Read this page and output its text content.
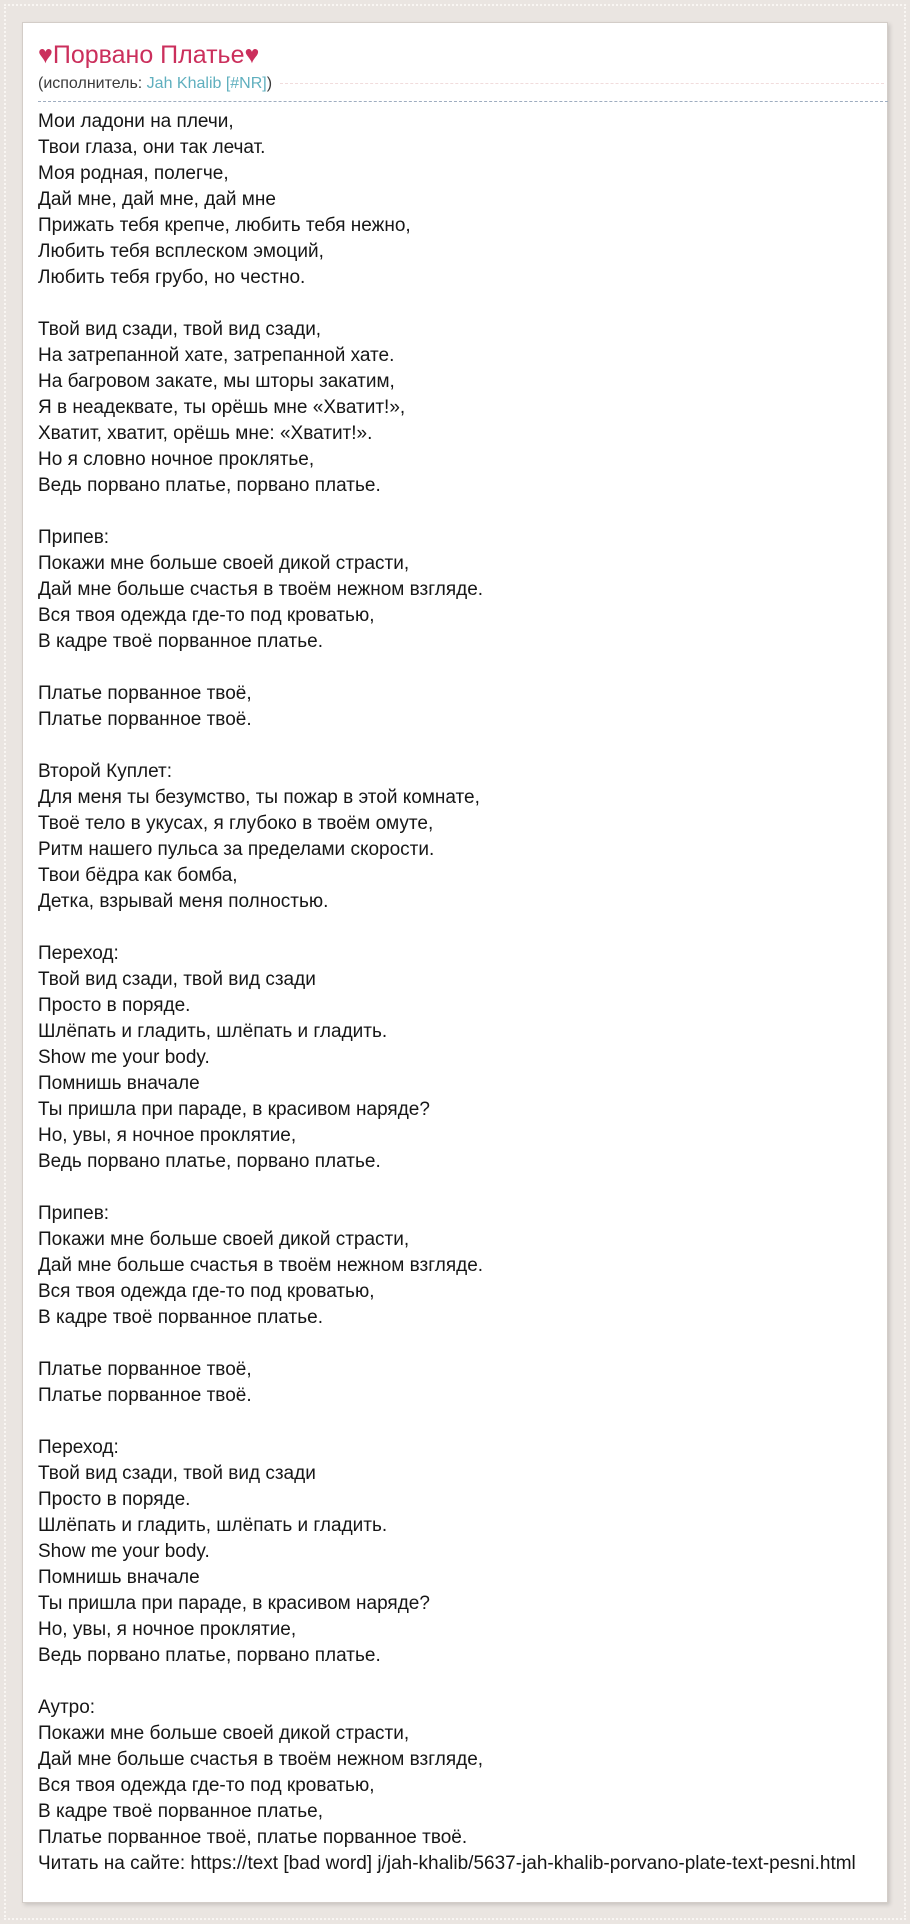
♥Порвано Платье♥
(исполнитель: Jah Khalib [#NR])

Мои ладони на плечи,
Твои глаза, они так лечат.
Моя родная, полегче,
Дай мне, дай мне, дай мне
Прижать тебя крепче, любить тебя нежно,
Любить тебя всплеском эмоций,
Любить тебя грубо, но честно.

Твой вид сзади, твой вид сзади,
На затрепанной хате, затрепанной хате.
На багровом закате, мы шторы закатим,
Я в неадеквате, ты орёшь мне «Хватит!»,
Хватит, хватит, орёшь мне: «Хватит!».
Но я словно ночное проклятье,
Ведь порвано платье, порвано платье.

Припев:
Покажи мне больше своей дикой страсти,
Дай мне больше счастья в твоём нежном взгляде.
Вся твоя одежда где-то под кроватью,
В кадре твоё порванное платье.

Платье порванное твоё,
Платье порванное твоё.

Второй Куплет:
Для меня ты безумство, ты пожар в этой комнате,
Твоё тело в укусах, я глубоко в твоём омуте,
Ритм нашего пульса за пределами скорости.
Твои бёдра как бомба,
Детка, взрывай меня полностью.

Переход:
Твой вид сзади, твой вид сзади
Просто в поряде.
Шлёпать и гладить, шлёпать и гладить.
Show me your body.
Помнишь вначале
Ты пришла при параде, в красивом наряде?
Но, увы, я ночное проклятие,
Ведь порвано платье, порвано платье.

Припев:
Покажи мне больше своей дикой страсти,
Дай мне больше счастья в твоём нежном взгляде.
Вся твоя одежда где-то под кроватью,
В кадре твоё порванное платье.

Платье порванное твоё,
Платье порванное твоё.

Переход:
Твой вид сзади, твой вид сзади
Просто в поряде.
Шлёпать и гладить, шлёпать и гладить.
Show me your body.
Помнишь вначале
Ты пришла при параде, в красивом наряде?
Но, увы, я ночное проклятие,
Ведь порвано платье, порвано платье.

Аутро:
Покажи мне больше своей дикой страсти,
Дай мне больше счастья в твоём нежном взгляде,
Вся твоя одежда где-то под кроватью,
В кадре твоё порванное платье,
Платье порванное твоё, платье порванное твоё.

Читать на сайте: https://text [bad word] j/jah-khalib/5637-jah-khalib-porvano-plate-text-pesni.html
